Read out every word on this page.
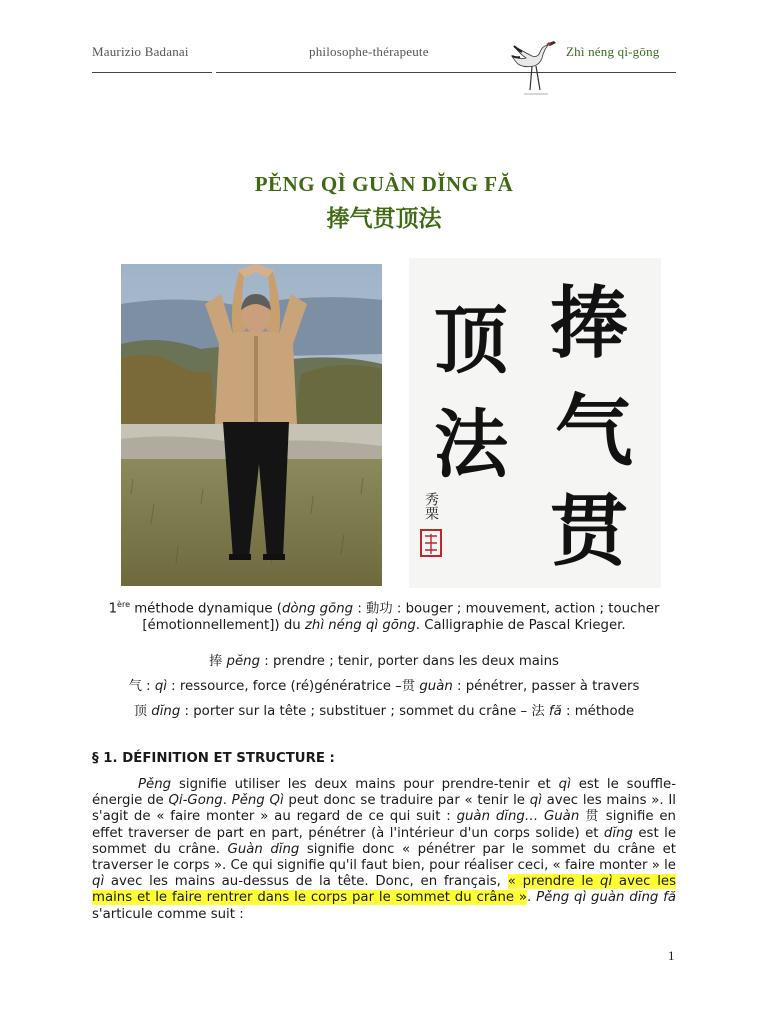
Maurizio Badanai	philosophe-thérapeute	Zhì néng qì-gōng
PĚNG QÌ GUÀN DĬNG FĂ
捧气贯顶法
捧
气
贯
顶
法
秀栗
1ère méthode dynamique (dòng gōng : 動功 : bouger ; mouvement, action ; toucher [émotionnellement]) du zhì néng qì gōng. Calligraphie de Pascal Krieger.
捧 pĕng : prendre ; tenir, porter dans les deux mains
气 : qì : ressource, force (ré)génératrice –贯 guàn : pénétrer, passer à travers
顶 dĭng : porter sur la tête ; substituer ; sommet du crâne – 法 fă : méthode
§ 1. DÉFINITION ET STRUCTURE :
Pěng signifie utiliser les deux mains pour prendre-tenir et qì est le souffle-énergie de Qi-Gong. Pěng Qì peut donc se traduire par « tenir le qì avec les mains ». Il s'agit de « faire monter » au regard de ce qui suit : guàn dĭng… Guàn 贯 signifie en effet traverser de part en part, pénétrer (à l'intérieur d'un corps solide) et dĭng est le sommet du crâne. Guàn dĭng signifie donc « pénétrer par le sommet du crâne et traverser le corps ». Ce qui signifie qu'il faut bien, pour réaliser ceci, « faire monter » le qì avec les mains au-dessus de la tête. Donc, en français, « prendre le qì avec les mains et le faire rentrer dans le corps par le sommet du crâne ». Pěng qì guàn dĭng fă s'articule comme suit :
1
